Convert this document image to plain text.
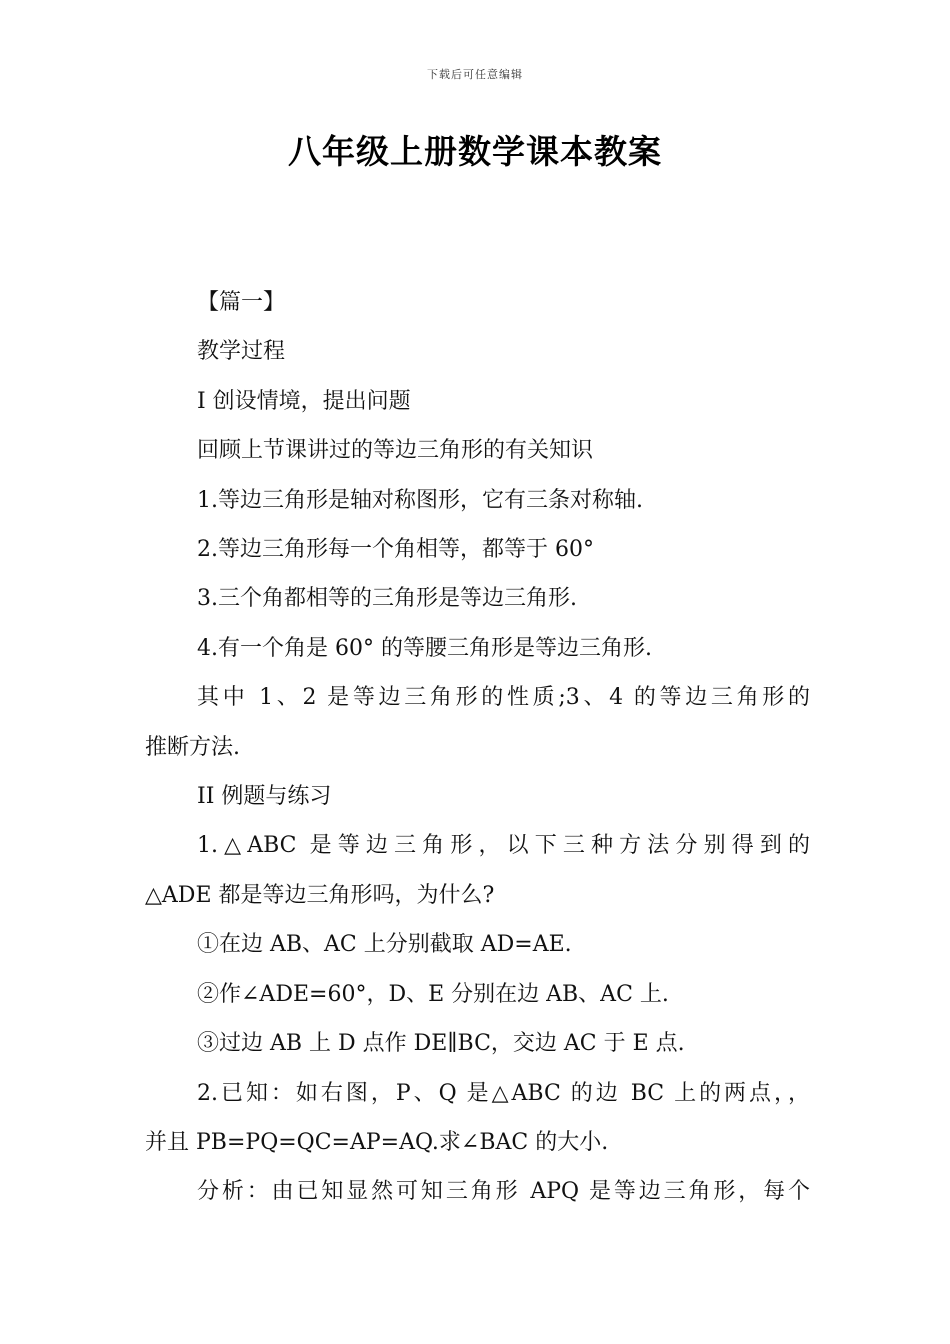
下载后可任意编辑
八年级上册数学课本教案

【篇一】

教学过程

I 创设情境，提出问题

回顾上节课讲过的等边三角形的有关知识

1.等边三角形是轴对称图形，它有三条对称轴.

2.等边三角形每一个角相等，都等于 60°

3.三个角都相等的三角形是等边三角形.

4.有一个角是 60° 的等腰三角形是等边三角形.

其中 1、2 是等边三角形的性质;3、4 的等边三角形的

推断方法.

II 例题与练习

1.△ABC 是等边三角形，以下三种方法分别得到的

△ADE 都是等边三角形吗，为什么?

①在边 AB、AC 上分别截取 AD=AE.

②作∠ADE=60°，D、E 分别在边 AB、AC 上.

③过边 AB 上 D 点作 DE∥BC，交边 AC 于 E 点.

2.已知：如右图，P、Q 是△ABC 的边 BC 上的两点，，

并且 PB=PQ=QC=AP=AQ.求∠BAC 的大小.

分析：由已知显然可知三角形 APQ 是等边三角形，每个
